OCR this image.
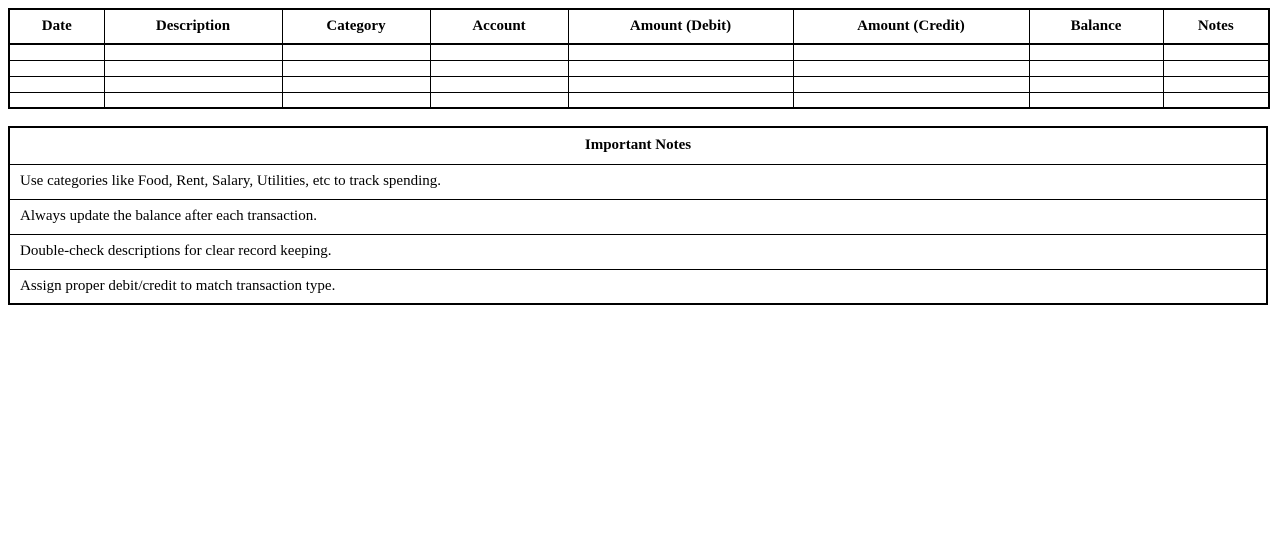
Date	Description	Category	Account	Amount (Debit)	Amount (Credit)	Balance	Notes

Important Notes
Use categories like Food, Rent, Salary, Utilities, etc to track spending.
Always update the balance after each transaction.
Double-check descriptions for clear record keeping.
Assign proper debit/credit to match transaction type.
